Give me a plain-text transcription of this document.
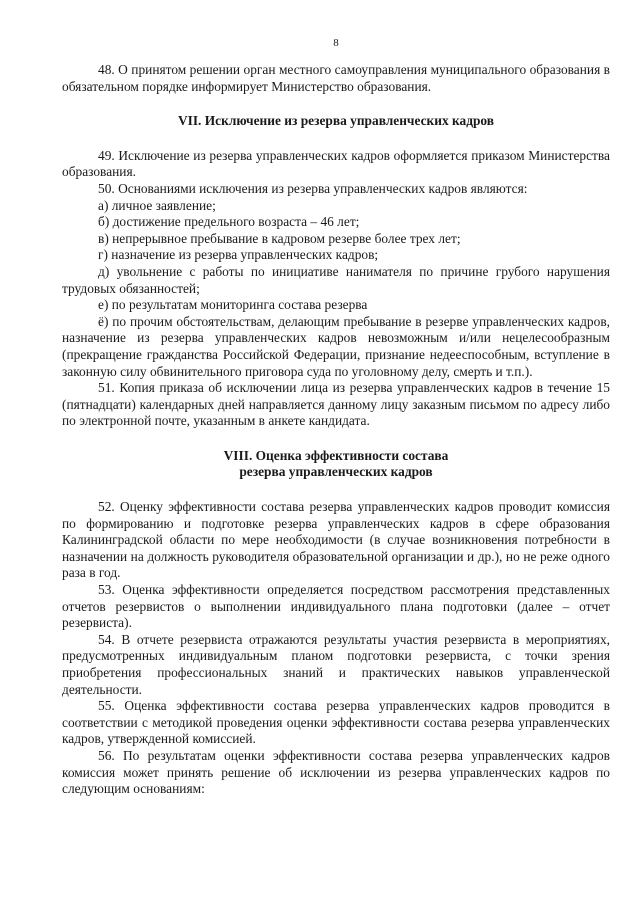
8

48. О принятом решении орган местного самоуправления муниципального образования в обязательном порядке информирует Министерство образования.

VII. Исключение из резерва управленческих кадров

49. Исключение из резерва управленческих кадров оформляется приказом Министерства образования.

50. Основаниями исключения из резерва управленческих кадров являются:

а) личное заявление;

б) достижение предельного возраста – 46 лет;

в) непрерывное пребывание в кадровом резерве более трех лет;

г) назначение из резерва управленческих кадров;

д) увольнение с работы по инициативе нанимателя по причине грубого нарушения трудовых обязанностей;

е) по результатам мониторинга состава резерва

ё) по прочим обстоятельствам, делающим пребывание в резерве управленческих кадров, назначение из резерва управленческих кадров невозможным и/или нецелесообразным (прекращение гражданства Российской Федерации, признание недееспособным, вступление в законную силу обвинительного приговора суда по уголовному делу, смерть и т.п.).

51. Копия приказа об исключении лица из резерва управленческих кадров в течение 15 (пятнадцати) календарных дней направляется данному лицу заказным письмом по адресу либо по электронной почте, указанным в анкете кандидата.

VIII. Оценка эффективности состава

резерва управленческих кадров

52. Оценку эффективности состава резерва управленческих кадров проводит комиссия по формированию и подготовке резерва управленческих кадров в сфере образования Калининградской области по мере необходимости (в случае возникновения потребности в назначении на должность руководителя образовательной организации и др.), но не реже одного раза в год.

53. Оценка эффективности определяется посредством рассмотрения представленных отчетов резервистов о выполнении индивидуального плана подготовки (далее – отчет резервиста).

54. В отчете резервиста отражаются результаты участия резервиста в мероприятиях, предусмотренных индивидуальным планом подготовки резервиста, с точки зрения приобретения профессиональных знаний и практических навыков управленческой деятельности.

55. Оценка эффективности состава резерва управленческих кадров проводится в соответствии с методикой проведения оценки эффективности состава резерва управленческих кадров, утвержденной комиссией.

56. По результатам оценки эффективности состава резерва управленческих кадров комиссия может принять решение об исключении из резерва управленческих кадров по следующим основаниям:
